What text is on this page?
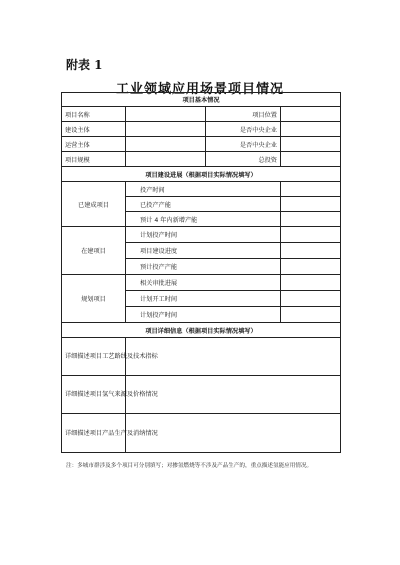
附表 1
工业领域应用场景项目情况
项目基本情况			
项目名称		项目位置	
建设主体		是否中央企业	
运营主体		是否中央企业	
项目规模		总投资	
项目建设进展（根据项目实际情况填写）			
已建成项目	投产时间		
	已投产产能		
	预计 4 年内新增产能		
在建项目	计划投产时间		
	项目建设进度		
	预计投产产能		
规划项目	相关审批进展		
	计划开工时间		
	计划投产时间		
项目详细信息（根据项目实际情况填写）			
详细描述项目工艺路线及技术指标			
详细描述项目氢气来源及价格情况			
详细描述项目产品生产及消纳情况			
注：多城市群涉及多个项目可分别填写；对掺氢燃烧等不涉及产品生产的，重点描述氢能应用情况。
